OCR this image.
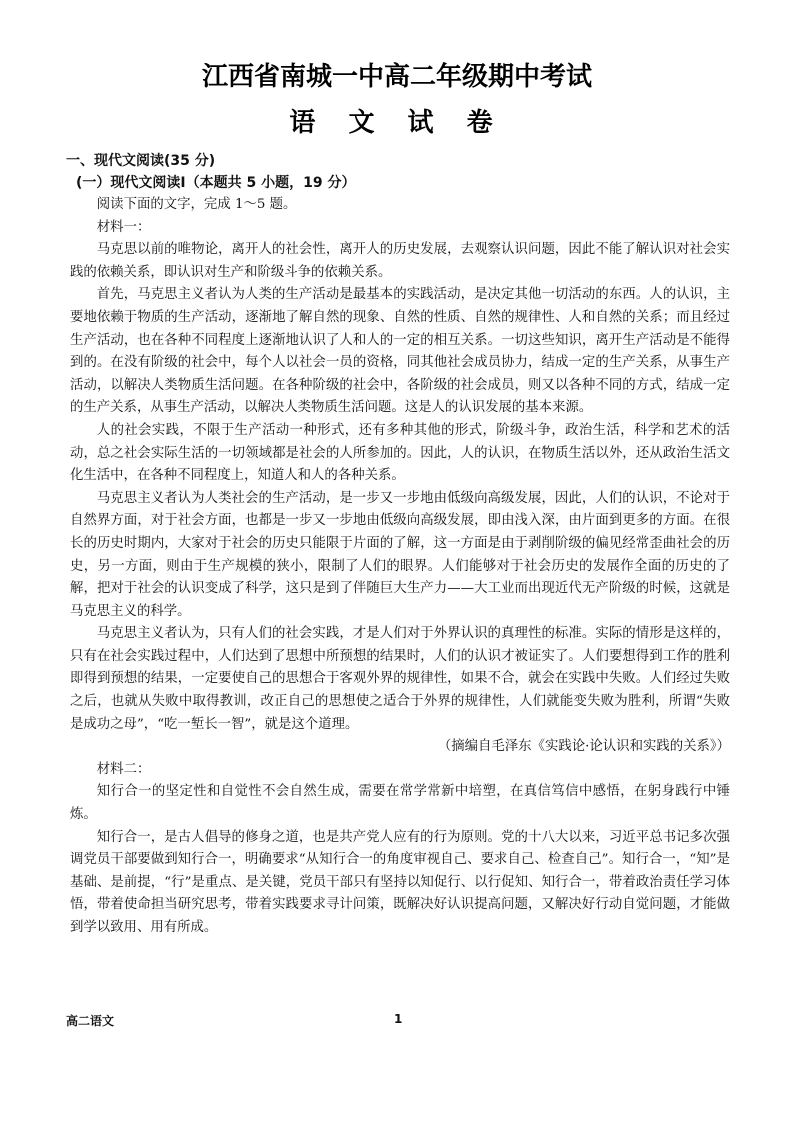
江西省南城一中高二年级期中考试
语 文 试 卷
一、现代文阅读(35 分)
(一）现代文阅读Ⅰ（本题共 5 小题，19 分）

阅读下面的文字，完成 1～5 题。

材料一：

马克思以前的唯物论，离开人的社会性，离开人的历史发展，去观察认识问题，因此不能了解认识对社会实践的依赖关系，即认识对生产和阶级斗争的依赖关系。

首先，马克思主义者认为人类的生产活动是最基本的实践活动，是决定其他一切活动的东西。人的认识，主要地依赖于物质的生产活动，逐渐地了解自然的现象、自然的性质、自然的规律性、人和自然的关系；而且经过生产活动，也在各种不同程度上逐渐地认识了人和人的一定的相互关系。一切这些知识，离开生产活动是不能得到的。在没有阶级的社会中，每个人以社会一员的资格，同其他社会成员协力，结成一定的生产关系，从事生产活动，以解决人类物质生活问题。在各种阶级的社会中，各阶级的社会成员，则又以各种不同的方式，结成一定的生产关系，从事生产活动，以解决人类物质生活问题。这是人的认识发展的基本来源。

人的社会实践，不限于生产活动一种形式，还有多种其他的形式，阶级斗争，政治生活，科学和艺术的活动，总之社会实际生活的一切领域都是社会的人所参加的。因此，人的认识，在物质生活以外，还从政治生活文化生活中，在各种不同程度上，知道人和人的各种关系。

马克思主义者认为人类社会的生产活动，是一步又一步地由低级向高级发展，因此，人们的认识，不论对于自然界方面，对于社会方面，也都是一步又一步地由低级向高级发展，即由浅入深，由片面到更多的方面。在很长的历史时期内，大家对于社会的历史只能限于片面的了解，这一方面是由于剥削阶级的偏见经常歪曲社会的历史，另一方面，则由于生产规模的狭小，限制了人们的眼界。人们能够对于社会历史的发展作全面的历史的了解，把对于社会的认识变成了科学，这只是到了伴随巨大生产力——大工业而出现近代无产阶级的时候，这就是马克思主义的科学。

马克思主义者认为，只有人们的社会实践，才是人们对于外界认识的真理性的标准。实际的情形是这样的，只有在社会实践过程中，人们达到了思想中所预想的结果时，人们的认识才被证实了。人们要想得到工作的胜利即得到预想的结果，一定要使自己的思想合于客观外界的规律性，如果不合，就会在实践中失败。人们经过失败之后，也就从失败中取得教训，改正自己的思想使之适合于外界的规律性，人们就能变失败为胜利，所谓“失败是成功之母”，“吃一堑长一智”，就是这个道理。

（摘编自毛泽东《实践论·论认识和实践的关系》）

材料二：

知行合一的坚定性和自觉性不会自然生成，需要在常学常新中培塑，在真信笃信中感悟，在躬身践行中锤炼。

知行合一，是古人倡导的修身之道，也是共产党人应有的行为原则。党的十八大以来，习近平总书记多次强调党员干部要做到知行合一，明确要求“从知行合一的角度审视自己、要求自己、检查自己”。知行合一，“知”是基础、是前提，“行”是重点、是关键，党员干部只有坚持以知促行、以行促知、知行合一，带着政治责任学习体悟，带着使命担当研究思考，带着实践要求寻计问策，既解决好认识提高问题，又解决好行动自觉问题，才能做到学以致用、用有所成。

高二语文	1
